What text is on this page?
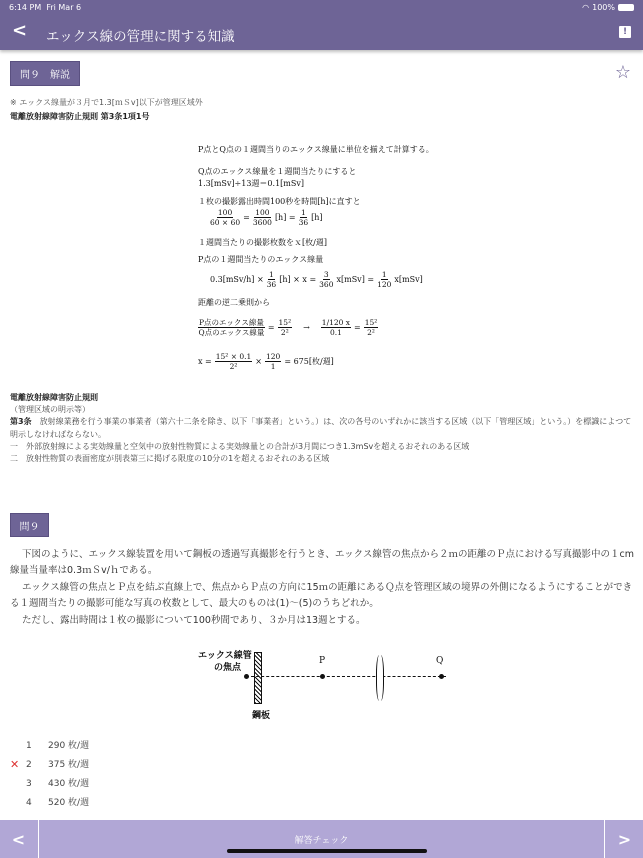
6:14 PM Fri Mar 6	◠ 100%
< エックス線の管理に関する知識	!
問９　解説	☆
※ エックス線量が３月で1.3[ｍＳv]以下が管理区域外
電離放射線障害防止規則 第3条1項1号
P点とQ点の１週間当りのエックス線量に単位を揃えて計算する。
Q点のエックス線量を１週間当たりにすると
1.3[mSv]÷13週＝0.1[mSv]
１枚の撮影露出時間100秒を時間[h]に直すと
$\frac{100}{60 \times 60} = \frac{100}{3600} [h] = \frac{1}{36} [h]$
１週間当たりの撮影枚数をｘ[枚/週]
P点の１週間当たりのエックス線量
$0.3[mSv/h] \times \frac{1}{36} [h] \times x = \frac{3}{360} x[mSv] = \frac{1}{120} x[mSv]$
距離の逆二乗則から
$\frac{\text{P点のエックス線量}}{\text{Q点のエックス線量}} = \frac{\text{15²}}{\text{2²}} \to \frac{1/120 x}{0.1} = \frac{\text{15²}}{\text{2²}}$
$x = \frac{\text{15² × 0.1}}{\text{2²}} \times \frac{120}{1} = 675$[枚/週]
電離放射線障害防止規則
（管理区域の明示等）
第3条　放射線業務を行う事業の事業者（第六十二条を除き、以下「事業者」という。）は、次の各号のいずれかに該当する区域（以下「管理区域」という。）を標識によつて明示しなければならない。
一　外部放射線による実効線量と空気中の放射性物質による実効線量との合計が3月間につき1.3mSvを超えるおそれのある区域
二　放射性物質の表面密度が別表第三に掲げる限度の10分の1を超えるおそれのある区域
問９

下図のように、エックス線装置を用いて鋼板の透過写真撮影を行うとき、エックス線管の焦点から２ｍの距離のＰ点における写真撮影中の１cm線量当量率は0.3ｍＳv/ｈである。

エックス線管の焦点とＰ点を結ぶ直線上で、焦点からＰ点の方向に15ｍの距離にあるＱ点を管理区域の境界の外側になるようにすることができる１週間当たりの撮影可能な写真の枚数として、最大のものは(1)～(5)のうちどれか。

ただし、露出時間は１枚の撮影について100秒間であり、３か月は13週とする。

エックス線管
の焦点
P	Q
鋼板
1	290 枚/週
✕ 2	375 枚/週
3	430 枚/週
4	520 枚/週
<	解答チェック	>
